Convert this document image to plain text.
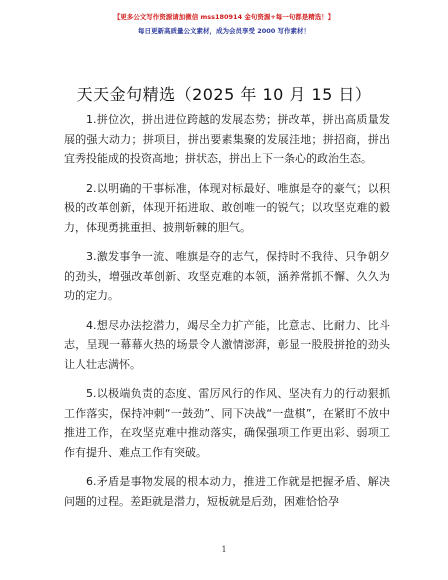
【更多公文写作资源请加微信 mss180914 金句资源+每一句都是精选！】
每日更新高质量公文素材，成为会员享受 2000 写作素材！
天天金句精选（2025 年 10 月 15 日）

1.拼位次，拼出进位跨越的发展态势；拼改革，拼出高质量发展的强大动力；拼项目，拼出要素集聚的发展洼地；拼招商，拼出宜秀投能成的投资高地；拼状态，拼出上下一条心的政治生态。

2.以明确的干事标准，体现对标最好、唯旗是夺的豪气；以积极的改革创新，体现开拓进取、敢创唯一的锐气；以攻坚克难的毅力，体现勇挑重担、披荆斩棘的胆气。

3.激发事争一流、唯旗是夺的志气，保持时不我待、只争朝夕的劲头，增强改革创新、攻坚克难的本领，涵养常抓不懈、久久为功的定力。

4.想尽办法挖潜力，竭尽全力扩产能，比意志、比耐力、比斗志，呈现一幕幕火热的场景令人激情澎湃，彰显一股股拼抢的劲头让人壮志满怀。

5.以极端负责的态度、雷厉风行的作风、坚决有力的行动狠抓工作落实，保持冲刺“一鼓劲”、同下决战“一盘棋”，在紧盯不放中推进工作，在攻坚克难中推动落实，确保强项工作更出彩、弱项工作有提升、难点工作有突破。

6.矛盾是事物发展的根本动力，推进工作就是把握矛盾、解决问题的过程。差距就是潜力，短板就是后劲，困难恰恰孕

1
